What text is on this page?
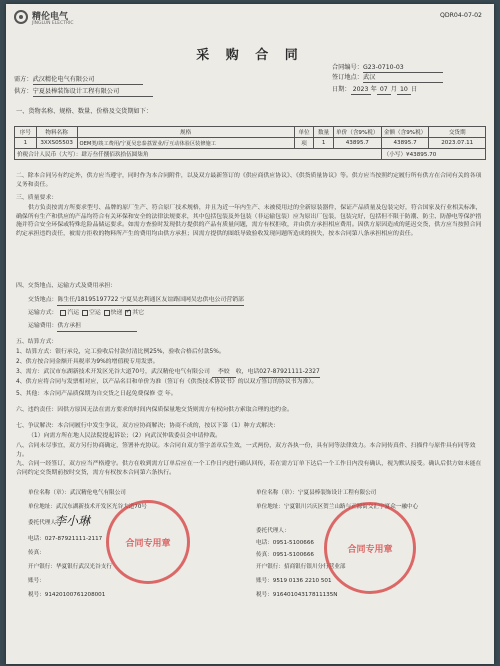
精伦电气
JINGLUN ELECTRIC
QDR04-07-02
采 购 合 同
合同编号：G23-0710-03
签订地点：武汉
日期： 2023 年 07 月 10 日
需方：武汉精伦电气有限公司
供方：宁夏县棒装饰设计工程有限公司
一、货物名称、规格、数量、价格及交货期如下：
序号	物料名称	规格	单位	数量	单价（含9%税）	金额（含9%税）	交货期
1	3XXS05503	OEM类/竣工费用/宁夏吴忠泰荔置业/厅互动体验区装修施工	项	1	43895.7	43895.7	2023.07.11
价税合计人民币（大写）：肆万叁仟捌佰玖拾伍圆柒角						（小写）¥43895.70	
二、除本合同另有约定外，供方应当遵守，同时作为本合同附件，以及双方最新签订的《供应商供应协议》、《供货质量协议》等。供方应当按照约定履行所有供方在合同有关的各项义务和责任。
三、质量要求：
供方负责按需方所要求型号、品牌的原厂生产、符合原厂技术规格，并且为近一年内生产、未被使用过的全新原装器件，保证产品质量及包装完好，符合国家及行业相关标准，确保所有生产和供应的产品均符合有关环保和安全的法律法规要求，其中包括包装及外包装（非运输包装）应为原出厂包装，包装完好，包括但不限于防潮、防尘、防静电等保护措施并符合安全环保或特殊危险品储运要求。如需方查验时发现供方提供的产品有质量问题，需方有权拒收，并由供方承担相应费用。因供方原因造成的延迟交货，供方应当按照合同约定承担违约责任，被需方拒收的物料所产生的费用均由供方承担；因需方提供的图纸导致验收发现问题所造成的损失，按本合同第八条承担相应的责任。
四、交货地点、运输方式及费用承担：
交货地点：陈生任/18195197722 宁夏吴忠利通区友谊路国网吴忠供电公司营销部
运输方式： 汽运 空运 快递 ✓ 其它
运输费用：供方承担
五、结算方式：
1、结算方式：银行承兑，完工验收后付款付清比例25%，验收合格后付款5%。
2、供方按合同金额开具税率为9%的增值税专用发票。
3、需方：武汉市东湖新技术开发区光谷大道70号，武汉精伦电气有限公司 李姣 收，电话027-87921111-2327
4、供方应将合同与发票相对应，以产品名目和单价为准（签订有《供货技术协议书》的以双方签订的协议书为准）。
5、其他：本合同产品质保期为自交货之日起免费保修 壹 年。
六、违约责任：因供方原因无法在需方要求的时间内保质保量地交货则需方有权向供方索取合理的违约金。
七、争议解决：本合同履行中发生争议，双方应协商解决；协商不成的，按以下第（1）种方式解决：
（1）向需方所在地人民法院提起诉讼；（2）向武汉仲裁委员会申请仲裁。
八、合同未尽事宜，双方另行协商确定，签署补充协议。本合同自双方签字盖章后生效，一式两份，双方各执一份，具有同等法律效力。本合同传真件、扫描件与原件具有同等效力。
九、合同一经签订，双方应当严格遵守。供方在收到需方订单后应在一个工作日内进行确认回传，若在需方订单下达后一个工作日内没有确认，视为默认接受。确认后供方如未能在合同约定交货期前按时交货，需方有权按本合同第六条执行。
单位名称（章）：武汉精伦电气有限公司
单位地址：武汉东湖新技术开发区光谷大道70号
委托代理人：
李小琳
电话：027-87921111-2117
传真：
开户银行：华夏银行武汉光谷支行
账号：
税号：91420100761208001
合同专用章
单位名称（章）：宁夏县棒装饰设计工程有限公司
单位地址：宁夏银川兴庆区贺兰山路与正源街交汇宁夏众一融中心
委托代理人：
电话：0951-5100666
传真：0951-5100666
开户银行：招商银行银川分行营业部
账号：9519 0136 2210 501
税号：91640104317811135N
合同专用章
